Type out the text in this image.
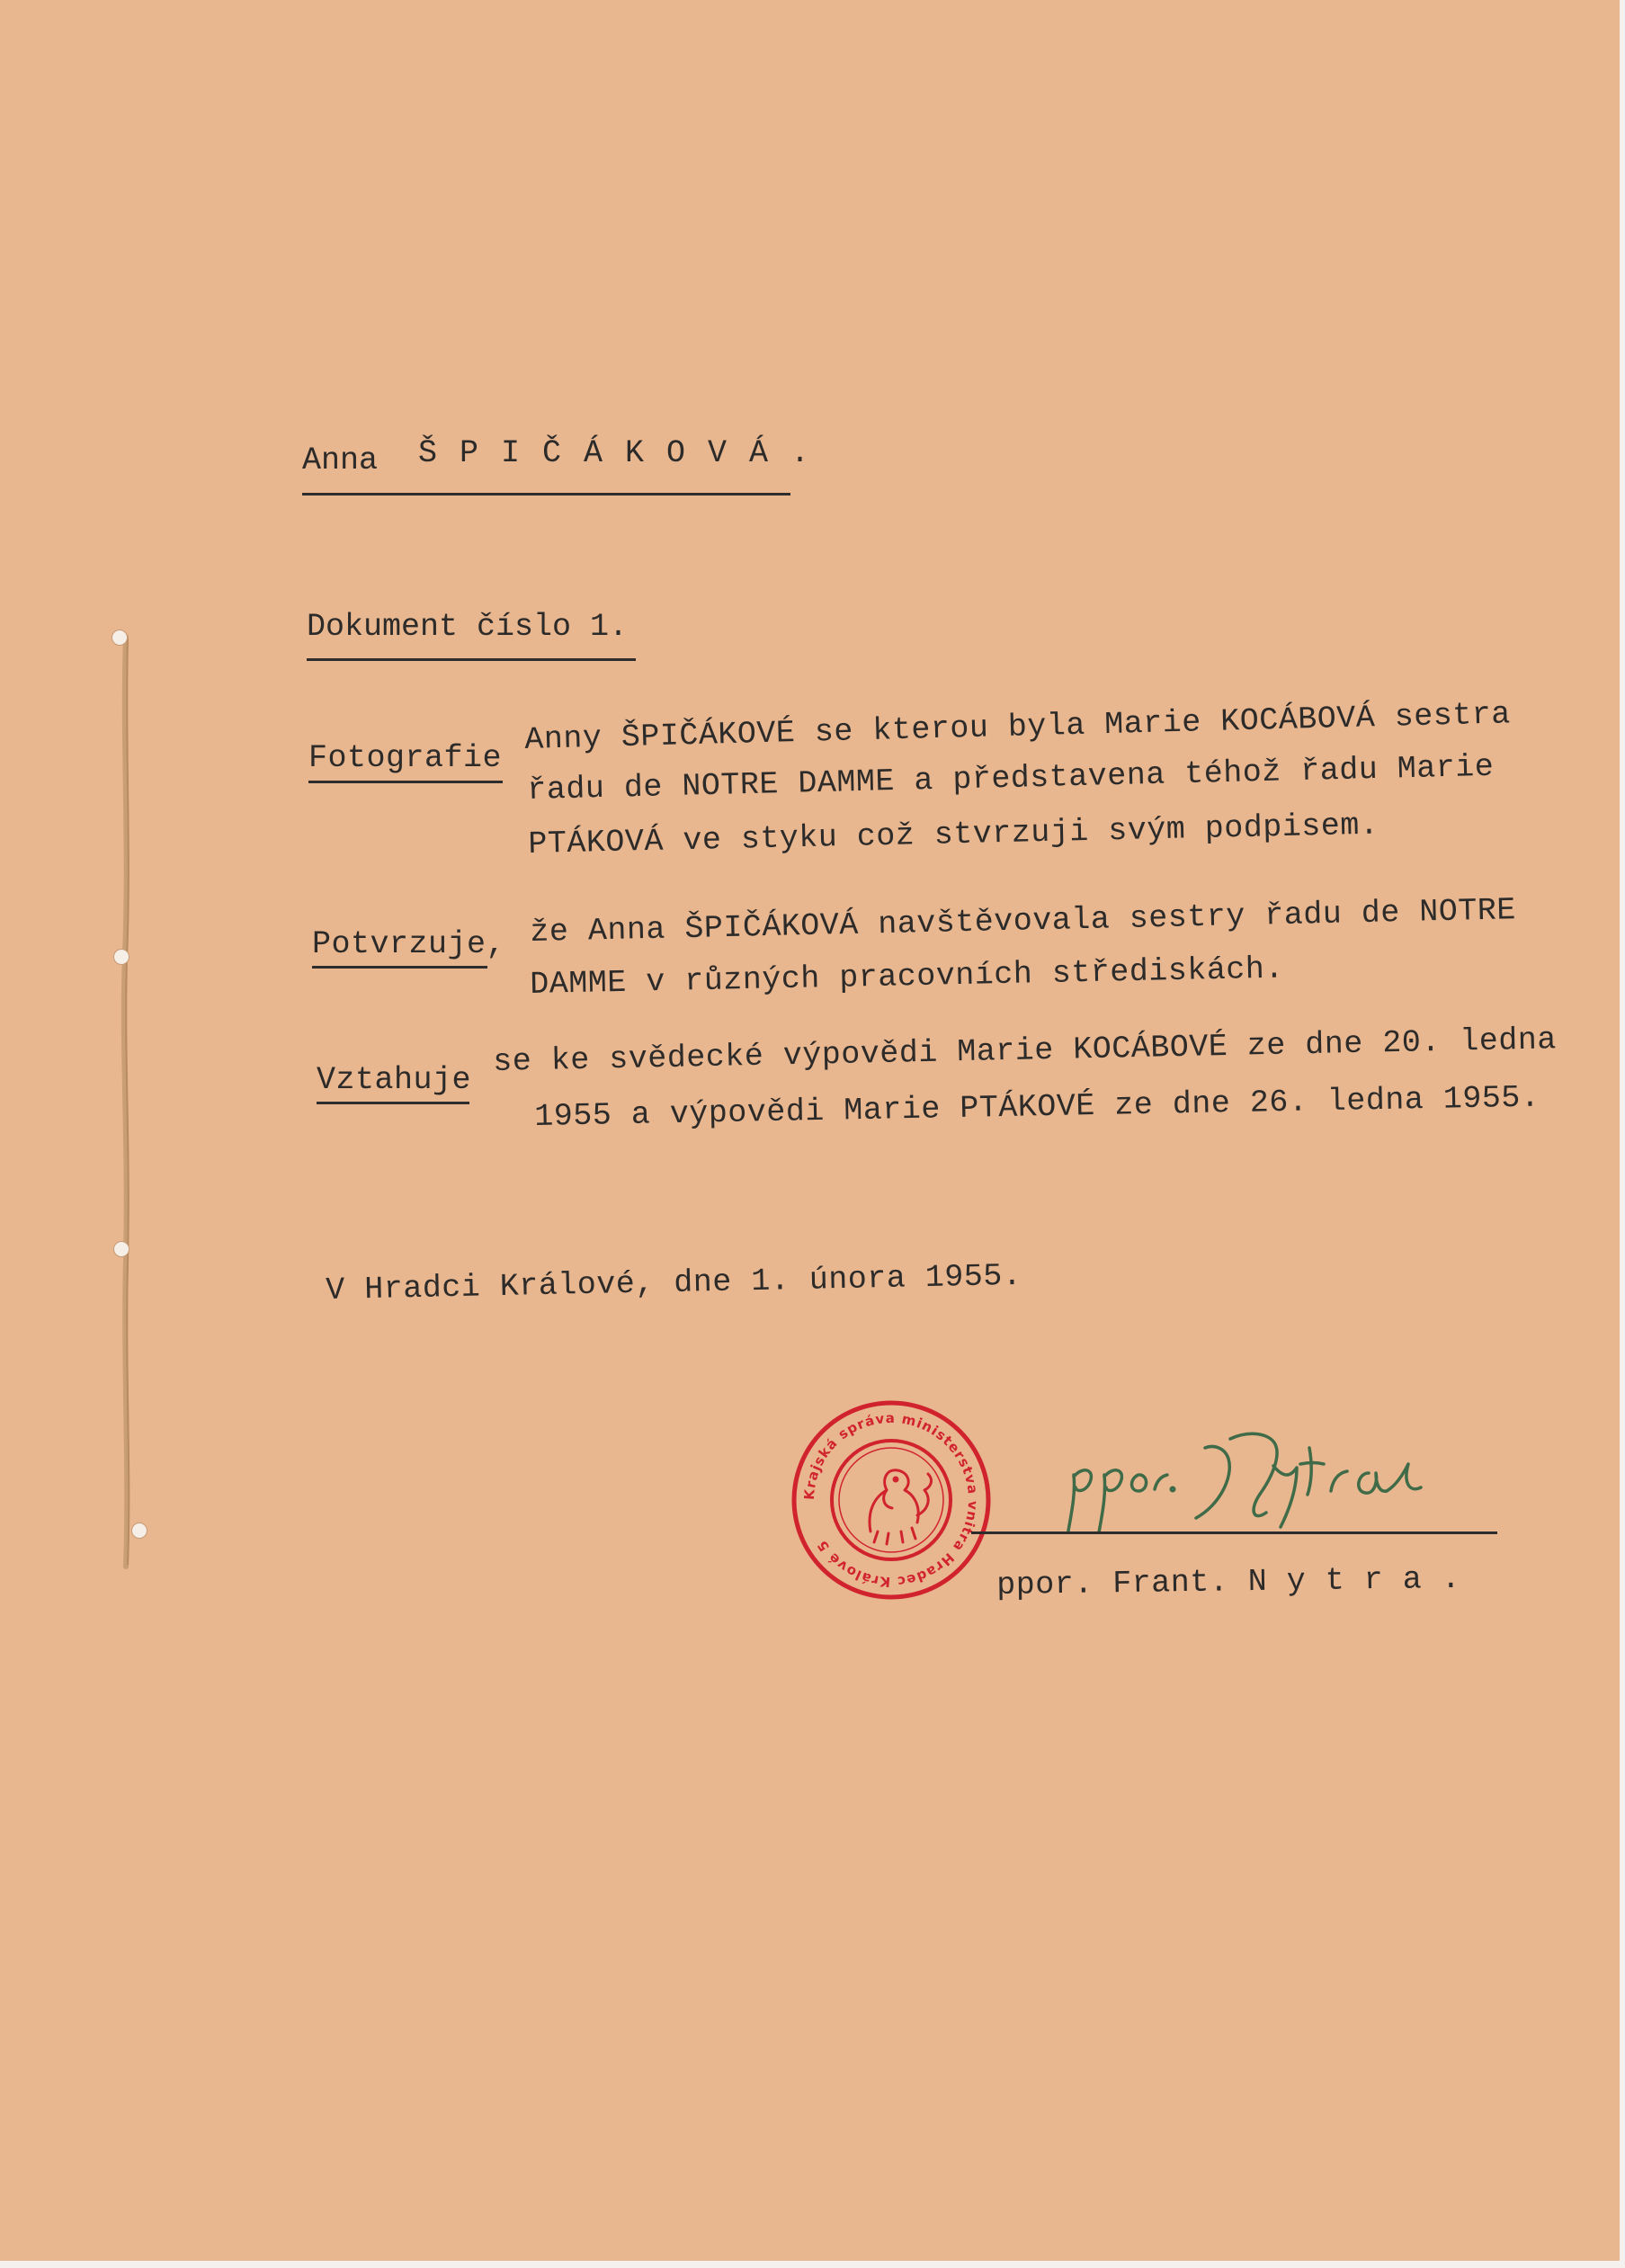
Anna Š P I Č Á K O V Á .
Dokument číslo 1.
Fotografie
Anny ŠPIČÁKOVÉ se kterou byla Marie KOCÁBOVÁ sestra
řadu de NOTRE DAMME a představena téhož řadu Marie
PTÁKOVÁ ve styku což stvrzuji svým podpisem.
Potvrzuje, že Anna ŠPIČÁKOVÁ navštěvovala sestry řadu de NOTRE
DAMME v různých pracovních střediskách.
Vztahuje
se ke svědecké výpovědi Marie KOCÁBOVÉ ze dne 20. ledna
1955 a výpovědi Marie PTÁKOVÉ ze dne 26. ledna 1955.
V Hradci Králové, dne 1. února 1955.
Krajská správa ministerstva vnitra Hradec Králové 5
ppor. Frant. N y t r a .
